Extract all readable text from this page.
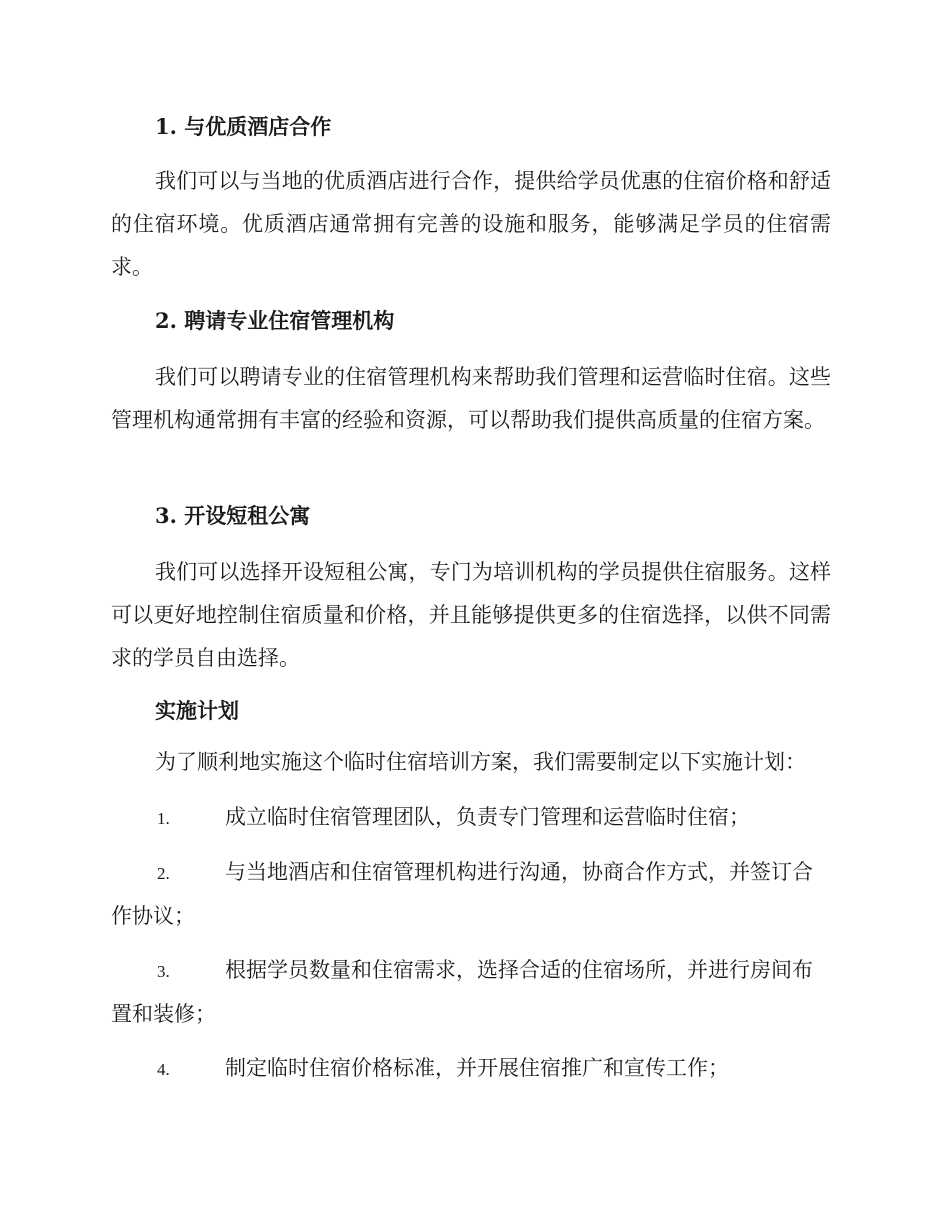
1. 与优质酒店合作
我们可以与当地的优质酒店进行合作，提供给学员优惠的住宿价格和舒适的住宿环境。优质酒店通常拥有完善的设施和服务，能够满足学员的住宿需求。
2. 聘请专业住宿管理机构
我们可以聘请专业的住宿管理机构来帮助我们管理和运营临时住宿。这些管理机构通常拥有丰富的经验和资源，可以帮助我们提供高质量的住宿方案。
3. 开设短租公寓
我们可以选择开设短租公寓，专门为培训机构的学员提供住宿服务。这样可以更好地控制住宿质量和价格，并且能够提供更多的住宿选择，以供不同需求的学员自由选择。
实施计划
为了顺利地实施这个临时住宿培训方案，我们需要制定以下实施计划：
1.	成立临时住宿管理团队，负责专门管理和运营临时住宿；
2.	与当地酒店和住宿管理机构进行沟通，协商合作方式，并签订合作协议；
3.	根据学员数量和住宿需求，选择合适的住宿场所，并进行房间布置和装修；
4.	制定临时住宿价格标准，并开展住宿推广和宣传工作；
